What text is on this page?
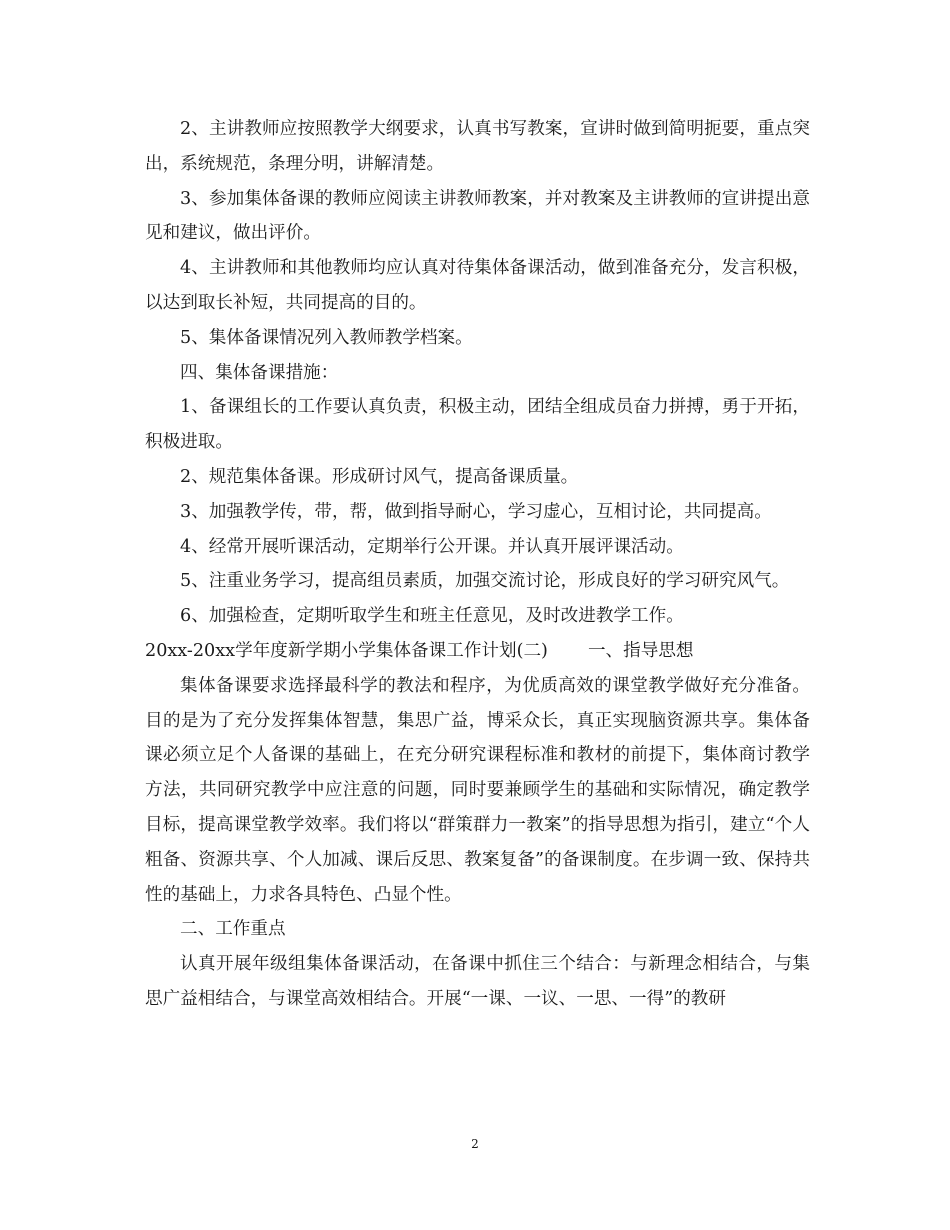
2、主讲教师应按照教学大纲要求，认真书写教案，宣讲时做到简明扼要，重点突出，系统规范，条理分明，讲解清楚。

3、参加集体备课的教师应阅读主讲教师教案，并对教案及主讲教师的宣讲提出意见和建议，做出评价。

4、主讲教师和其他教师均应认真对待集体备课活动，做到准备充分，发言积极，以达到取长补短，共同提高的目的。

5、集体备课情况列入教师教学档案。

四、集体备课措施：

1、备课组长的工作要认真负责，积极主动，团结全组成员奋力拼搏，勇于开拓，积极进取。

2、规范集体备课。形成研讨风气，提高备课质量。

3、加强教学传，带，帮，做到指导耐心，学习虚心，互相讨论，共同提高。

4、经常开展听课活动，定期举行公开课。并认真开展评课活动。

5、注重业务学习，提高组员素质，加强交流讨论，形成良好的学习研究风气。

6、加强检查，定期听取学生和班主任意见，及时改进教学工作。

20xx-20xx学年度新学期小学集体备课工作计划(二) 一、指导思想

集体备课要求选择最科学的教法和程序，为优质高效的课堂教学做好充分准备。目的是为了充分发挥集体智慧，集思广益，博采众长，真正实现脑资源共享。集体备课必须立足个人备课的基础上，在充分研究课程标准和教材的前提下，集体商讨教学方法，共同研究教学中应注意的问题，同时要兼顾学生的基础和实际情况，确定教学目标，提高课堂教学效率。我们将以“群策群力一教案”的指导思想为指引，建立“个人粗备、资源共享、个人加减、课后反思、教案复备”的备课制度。在步调一致、保持共性的基础上，力求各具特色、凸显个性。

二、工作重点

认真开展年级组集体备课活动，在备课中抓住三个结合：与新理念相结合，与集思广益相结合，与课堂高效相结合。开展“一课、一议、一思、一得”的教研

2
